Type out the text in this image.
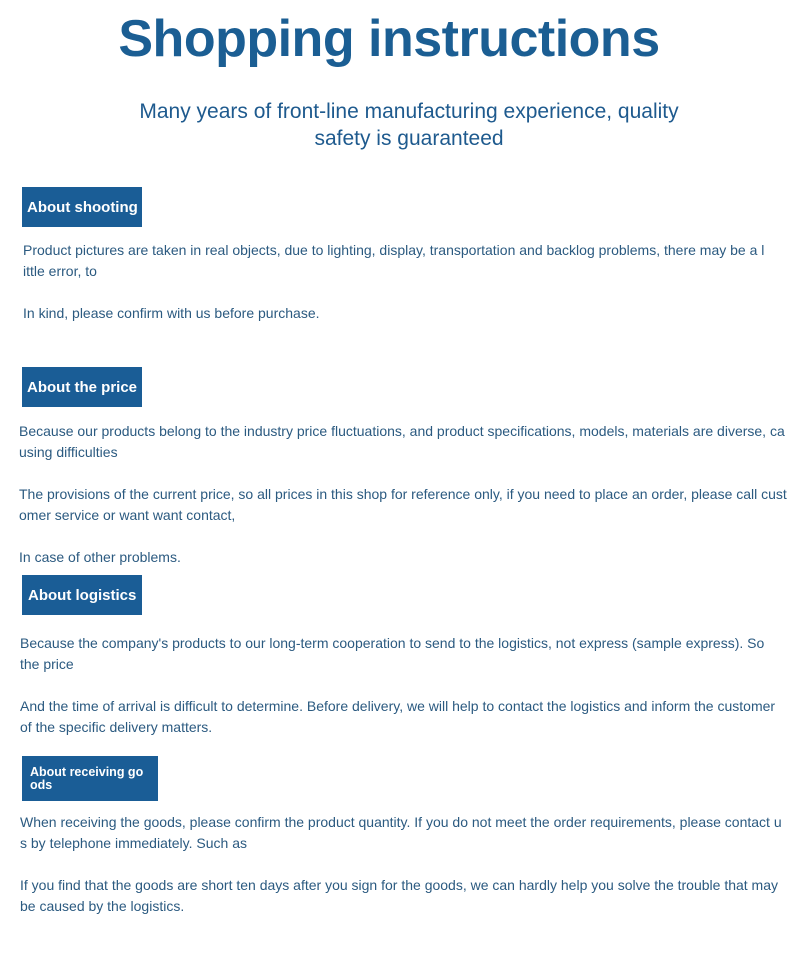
Shopping instructions
Many years of front-line manufacturing experience, quality safety is guaranteed
About shooting
Product pictures are taken in real objects, due to lighting, display, transportation and backlog problems, there may be a little error, to
In kind, please confirm with us before purchase.
About the price
Because our products belong to the industry price fluctuations, and product specifications, models, materials are diverse, causing difficulties
The provisions of the current price, so all prices in this shop for reference only, if you need to place an order, please call customer service or want want contact,
In case of other problems.
About logistics
Because the company's products to our long-term cooperation to send to the logistics, not express (sample express). So the price
And the time of arrival is difficult to determine. Before delivery, we will help to contact the logistics and inform the customer of the specific delivery matters.
About receiving goods
When receiving the goods, please confirm the product quantity. If you do not meet the order requirements, please contact us by telephone immediately. Such as
If you find that the goods are short ten days after you sign for the goods, we can hardly help you solve the trouble that may be caused by the logistics.
